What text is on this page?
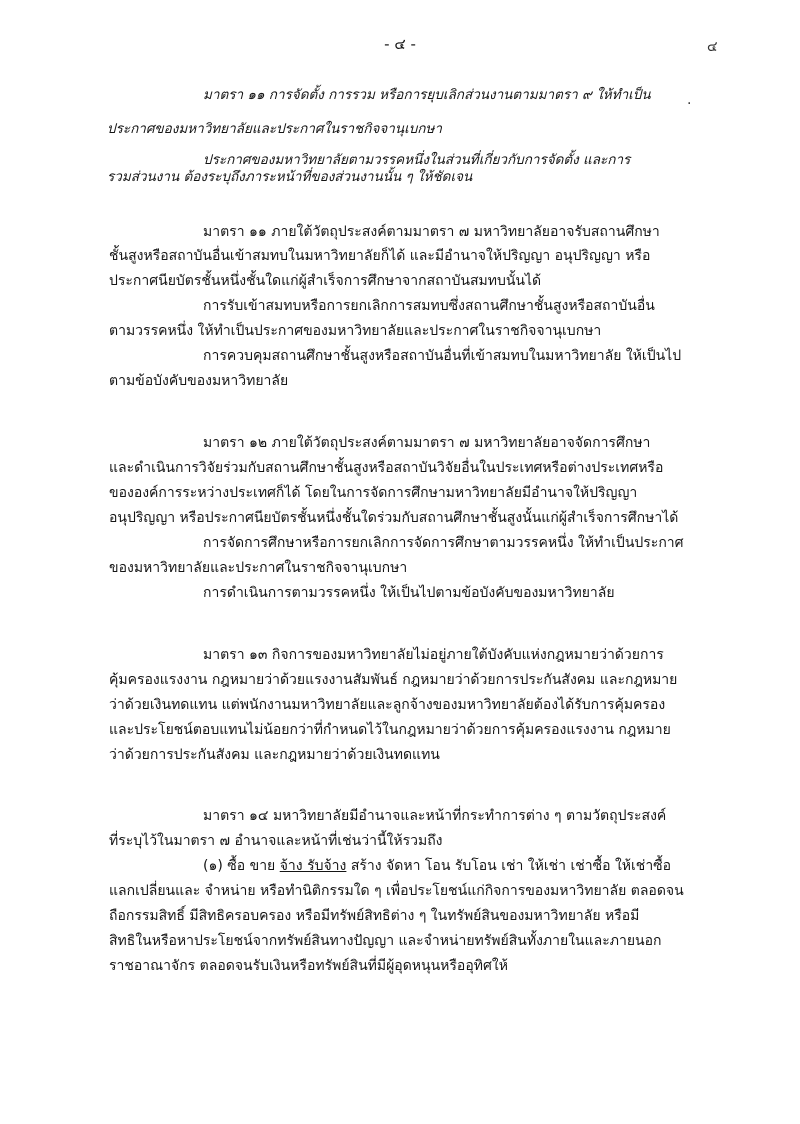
- ๔ -	๔
.
มาตรา ๑๑ การจัดตั้ง การรวม หรือการยุบเลิกส่วนงานตามมาตรา ๙ ให้ทำเป็น
ประกาศของมหาวิทยาลัยและประกาศในราชกิจจานุเบกษา
ประกาศของมหาวิทยาลัยตามวรรคหนึ่งในส่วนที่เกี่ยวกับการจัดตั้ง และการ
รวมส่วนงาน ต้องระบุถึงภาระหน้าที่ของส่วนงานนั้น ๆ ให้ชัดเจน
มาตรา ๑๑ ภายใต้วัตถุประสงค์ตามมาตรา ๗ มหาวิทยาลัยอาจรับสถานศึกษา
ชั้นสูงหรือสถาบันอื่นเข้าสมทบในมหาวิทยาลัยก็ได้ และมีอำนาจให้ปริญญา อนุปริญญา หรือ
ประกาศนียบัตรชั้นหนึ่งชั้นใดแก่ผู้สำเร็จการศึกษาจากสถาบันสมทบนั้นได้
การรับเข้าสมทบหรือการยกเลิกการสมทบซึ่งสถานศึกษาชั้นสูงหรือสถาบันอื่น
ตามวรรคหนึ่ง ให้ทำเป็นประกาศของมหาวิทยาลัยและประกาศในราชกิจจานุเบกษา
การควบคุมสถานศึกษาชั้นสูงหรือสถาบันอื่นที่เข้าสมทบในมหาวิทยาลัย ให้เป็นไป
ตามข้อบังคับของมหาวิทยาลัย
มาตรา ๑๒ ภายใต้วัตถุประสงค์ตามมาตรา ๗ มหาวิทยาลัยอาจจัดการศึกษา
และดำเนินการวิจัยร่วมกับสถานศึกษาชั้นสูงหรือสถาบันวิจัยอื่นในประเทศหรือต่างประเทศหรือ
ขององค์การระหว่างประเทศก็ได้ โดยในการจัดการศึกษามหาวิทยาลัยมีอำนาจให้ปริญญา
อนุปริญญา หรือประกาศนียบัตรชั้นหนึ่งชั้นใดร่วมกับสถานศึกษาชั้นสูงนั้นแก่ผู้สำเร็จการศึกษาได้
การจัดการศึกษาหรือการยกเลิกการจัดการศึกษาตามวรรคหนึ่ง ให้ทำเป็นประกาศ
ของมหาวิทยาลัยและประกาศในราชกิจจานุเบกษา
การดำเนินการตามวรรคหนึ่ง ให้เป็นไปตามข้อบังคับของมหาวิทยาลัย
มาตรา ๑๓ กิจการของมหาวิทยาลัยไม่อยู่ภายใต้บังคับแห่งกฎหมายว่าด้วยการ
คุ้มครองแรงงาน กฎหมายว่าด้วยแรงงานสัมพันธ์ กฎหมายว่าด้วยการประกันสังคม และกฎหมาย
ว่าด้วยเงินทดแทน แต่พนักงานมหาวิทยาลัยและลูกจ้างของมหาวิทยาลัยต้องได้รับการคุ้มครอง
และประโยชน์ตอบแทนไม่น้อยกว่าที่กำหนดไว้ในกฎหมายว่าด้วยการคุ้มครองแรงงาน กฎหมาย
ว่าด้วยการประกันสังคม และกฎหมายว่าด้วยเงินทดแทน
มาตรา ๑๔ มหาวิทยาลัยมีอำนาจและหน้าที่กระทำการต่าง ๆ ตามวัตถุประสงค์
ที่ระบุไว้ในมาตรา ๗ อำนาจและหน้าที่เช่นว่านี้ให้รวมถึง
(๑) ซื้อ ขาย จ้าง รับจ้าง สร้าง จัดหา โอน รับโอน เช่า ให้เช่า เช่าซื้อ ให้เช่าซื้อ
แลกเปลี่ยนและ จำหน่าย หรือทำนิติกรรมใด ๆ เพื่อประโยชน์แก่กิจการของมหาวิทยาลัย ตลอดจน
ถือกรรมสิทธิ์ มีสิทธิครอบครอง หรือมีทรัพย์สิทธิต่าง ๆ ในทรัพย์สินของมหาวิทยาลัย หรือมี
สิทธิในหรือหาประโยชน์จากทรัพย์สินทางปัญญา และจำหน่ายทรัพย์สินทั้งภายในและภายนอก
ราชอาณาจักร ตลอดจนรับเงินหรือทรัพย์สินที่มีผู้อุดหนุนหรืออุทิศให้
